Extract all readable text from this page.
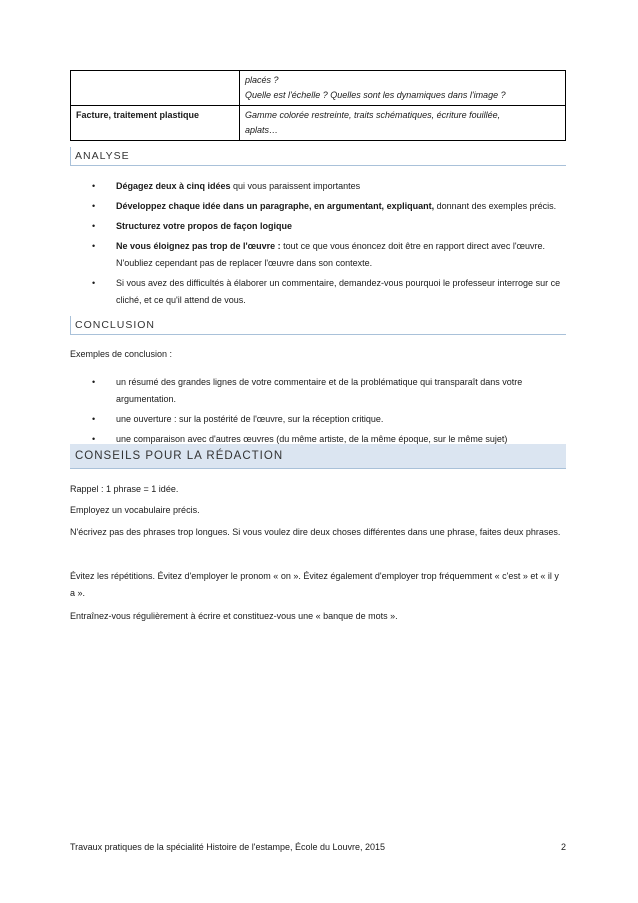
	placés ?
Quelle est l'échelle ? Quelles sont les dynamiques dans l'image ?

Facture, traitement plastique	Gamme colorée restreinte, traits schématiques, écriture fouillée,
aplats…
ANALYSE
• Dégagez deux à cinq idées qui vous paraissent importantes
• Développez chaque idée dans un paragraphe, en argumentant, expliquant, donnant des exemples précis.
• Structurez votre propos de façon logique
• Ne vous éloignez pas trop de l'œuvre : tout ce que vous énoncez doit être en rapport direct avec l'œuvre. N'oubliez cependant pas de replacer l'œuvre dans son contexte.
• Si vous avez des difficultés à élaborer un commentaire, demandez-vous pourquoi le professeur interroge sur ce cliché, et ce qu'il attend de vous.
CONCLUSION
Exemples de conclusion :
• un résumé des grandes lignes de votre commentaire et de la problématique qui transparaît dans votre argumentation.
• une ouverture : sur la postérité de l'œuvre, sur la réception critique.
• une comparaison avec d'autres œuvres (du même artiste, de la même époque, sur le même sujet)
CONSEILS POUR LA RÉDACTION
Rappel : 1 phrase = 1 idée.
Employez un vocabulaire précis.
N'écrivez pas des phrases trop longues. Si vous voulez dire deux choses différentes dans une phrase, faites deux phrases.
Évitez les répétitions. Évitez d'employer le pronom « on ». Évitez également d'employer trop fréquemment « c'est » et « il y a ».
Entraînez-vous régulièrement à écrire et constituez-vous une « banque de mots ».
Travaux pratiques de la spécialité Histoire de l'estampe, École du Louvre, 2015	2
